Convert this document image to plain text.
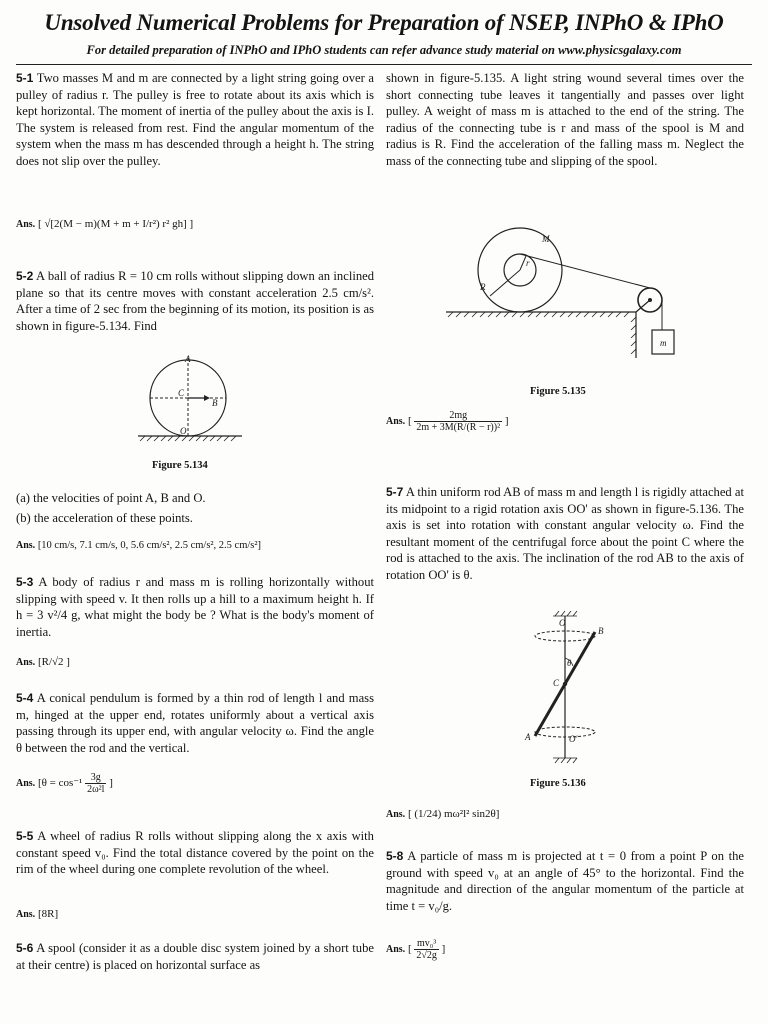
Unsolved Numerical Problems for Preparation of NSEP, INPhO & IPhO
For detailed preparation of INPhO and IPhO students can refer advance study material on www.physicsgalaxy.com

5-1 Two masses M and m are connected by a light string going over a pulley of radius r. The pulley is free to rotate about its axis which is kept horizontal. The moment of inertia of the pulley about the axis is I. The system is released from rest. Find the angular momentum of the system when the mass m has descended through a height h. The string does not slip over the pulley.

Ans. [ √[2(M − m)(M + m + I/r²) r² gh] ]

5-2 A ball of radius R = 10 cm rolls without slipping down an inclined plane so that its centre moves with constant acceleration 2.5 cm/s². After a time of 2 sec from the beginning of its motion, its position is as shown in figure-5.134. Find

A
C
B
O
Figure 5.134

(a) the velocities of point A, B and O.

(b) the acceleration of these points.

Ans. [10 cm/s, 7.1 cm/s, 0, 5.6 cm/s², 2.5 cm/s², 2.5 cm/s²]

5-3 A body of radius r and mass m is rolling horizontally without slipping with speed v. It then rolls up a hill to a maximum height h. If h = 3 v²/4 g, what might the body be ? What is the body's moment of inertia.

Ans. [R/√2 ]

5-4 A conical pendulum is formed by a thin rod of length l and mass m, hinged at the upper end, rotates uniformly about a vertical axis passing through its upper end, with angular velocity ω. Find the angle θ between the rod and the vertical.

Ans. [$\theta = \cos^{-1} \frac{3g}{\text{2ω²l}}$ ]

5-5 A wheel of radius R rolls without slipping along the x axis with constant speed v₀. Find the total distance covered by the point on the rim of the wheel during one complete revolution of the wheel.

Ans. [8R]

5-6 A spool (consider it as a double disc system joined by a short tube at their centre) is placed on horizontal surface as

shown in figure-5.135. A light string wound several times over the short connecting tube leaves it tangentially and passes over light pulley. A weight of mass m is attached to the end of the string. The radius of the connecting tube is r and mass of the spool is M and radius is R. Find the acceleration of the falling mass m. Neglect the mass of the connecting tube and slipping of the spool.

M
R
r
m
Figure 5.135
Ans. [ $\frac{2mg}{\text{2m + 3M(R/(R − r))²}}$ ]

5-7 A thin uniform rod AB of mass m and length l is rigidly attached at its midpoint to a rigid rotation axis OO' as shown in figure-5.136. The axis is set into rotation with constant angular velocity ω. Find the resultant moment of the centrifugal force about the point C where the rod is attached to the axis. The inclination of the rod AB to the axis of rotation OO' is θ.

O
B
θ
C
A	O'
Figure 5.136
Ans. [ (1/24) mω²l² sin2θ]

5-8 A particle of mass m is projected at t = 0 from a point P on the ground with speed v₀ at an angle of 45° to the horizontal. Find the magnitude and direction of the angular momentum of the particle at time t = v₀/g.

Ans. [ $\frac{\text{mv₀³}}{2√2g}$ ]
